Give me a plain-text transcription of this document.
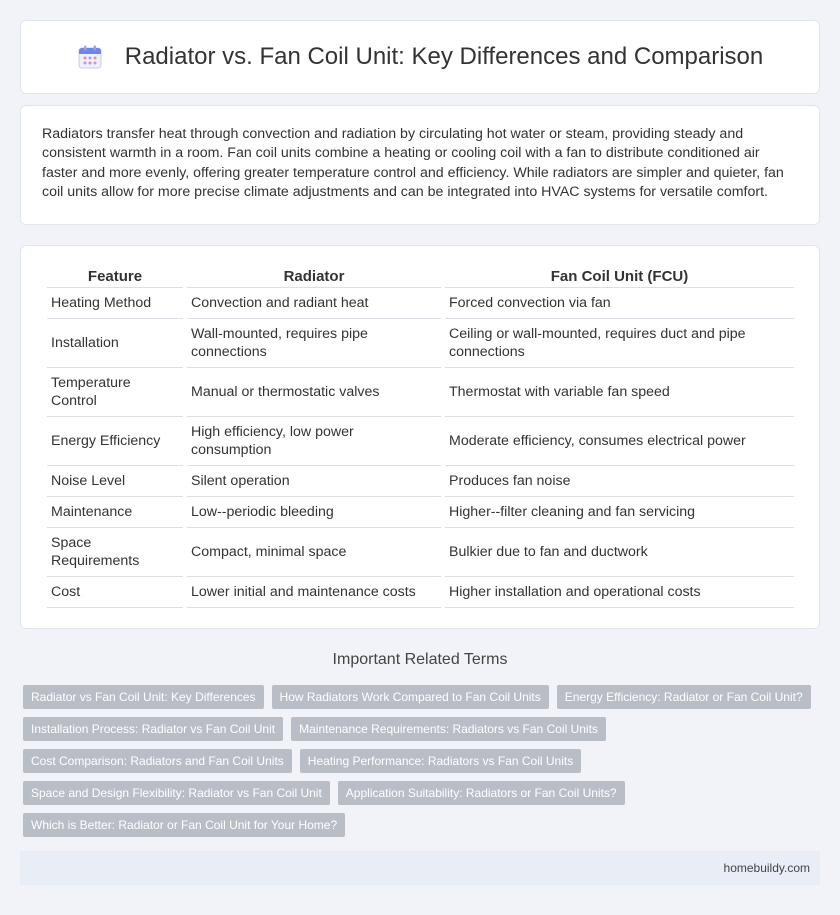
Radiator vs. Fan Coil Unit: Key Differences and Comparison

Radiators transfer heat through convection and radiation by circulating hot water or steam, providing steady and consistent warmth in a room. Fan coil units combine a heating or cooling coil with a fan to distribute conditioned air faster and more evenly, offering greater temperature control and efficiency. While radiators are simpler and quieter, fan coil units allow for more precise climate adjustments and can be integrated into HVAC systems for versatile comfort.

Feature	Radiator	Fan Coil Unit (FCU)
Heating Method	Convection and radiant heat	Forced convection via fan
Installation	Wall-mounted, requires pipe connections	Ceiling or wall-mounted, requires duct and pipe connections
Temperature Control	Manual or thermostatic valves	Thermostat with variable fan speed
Energy Efficiency	High efficiency, low power consumption	Moderate efficiency, consumes electrical power
Noise Level	Silent operation	Produces fan noise
Maintenance	Low--periodic bleeding	Higher--filter cleaning and fan servicing
Space Requirements	Compact, minimal space	Bulkier due to fan and ductwork
Cost	Lower initial and maintenance costs	Higher installation and operational costs
Important Related Terms
Radiator vs Fan Coil Unit: Key Differences	How Radiators Work Compared to Fan Coil Units	Energy Efficiency: Radiator or Fan Coil Unit?
Installation Process: Radiator vs Fan Coil Unit	Maintenance Requirements: Radiators vs Fan Coil Units
Cost Comparison: Radiators and Fan Coil Units	Heating Performance: Radiators vs Fan Coil Units
Space and Design Flexibility: Radiator vs Fan Coil Unit	Application Suitability: Radiators or Fan Coil Units?
Which is Better: Radiator or Fan Coil Unit for Your Home?
homebuildy.com
